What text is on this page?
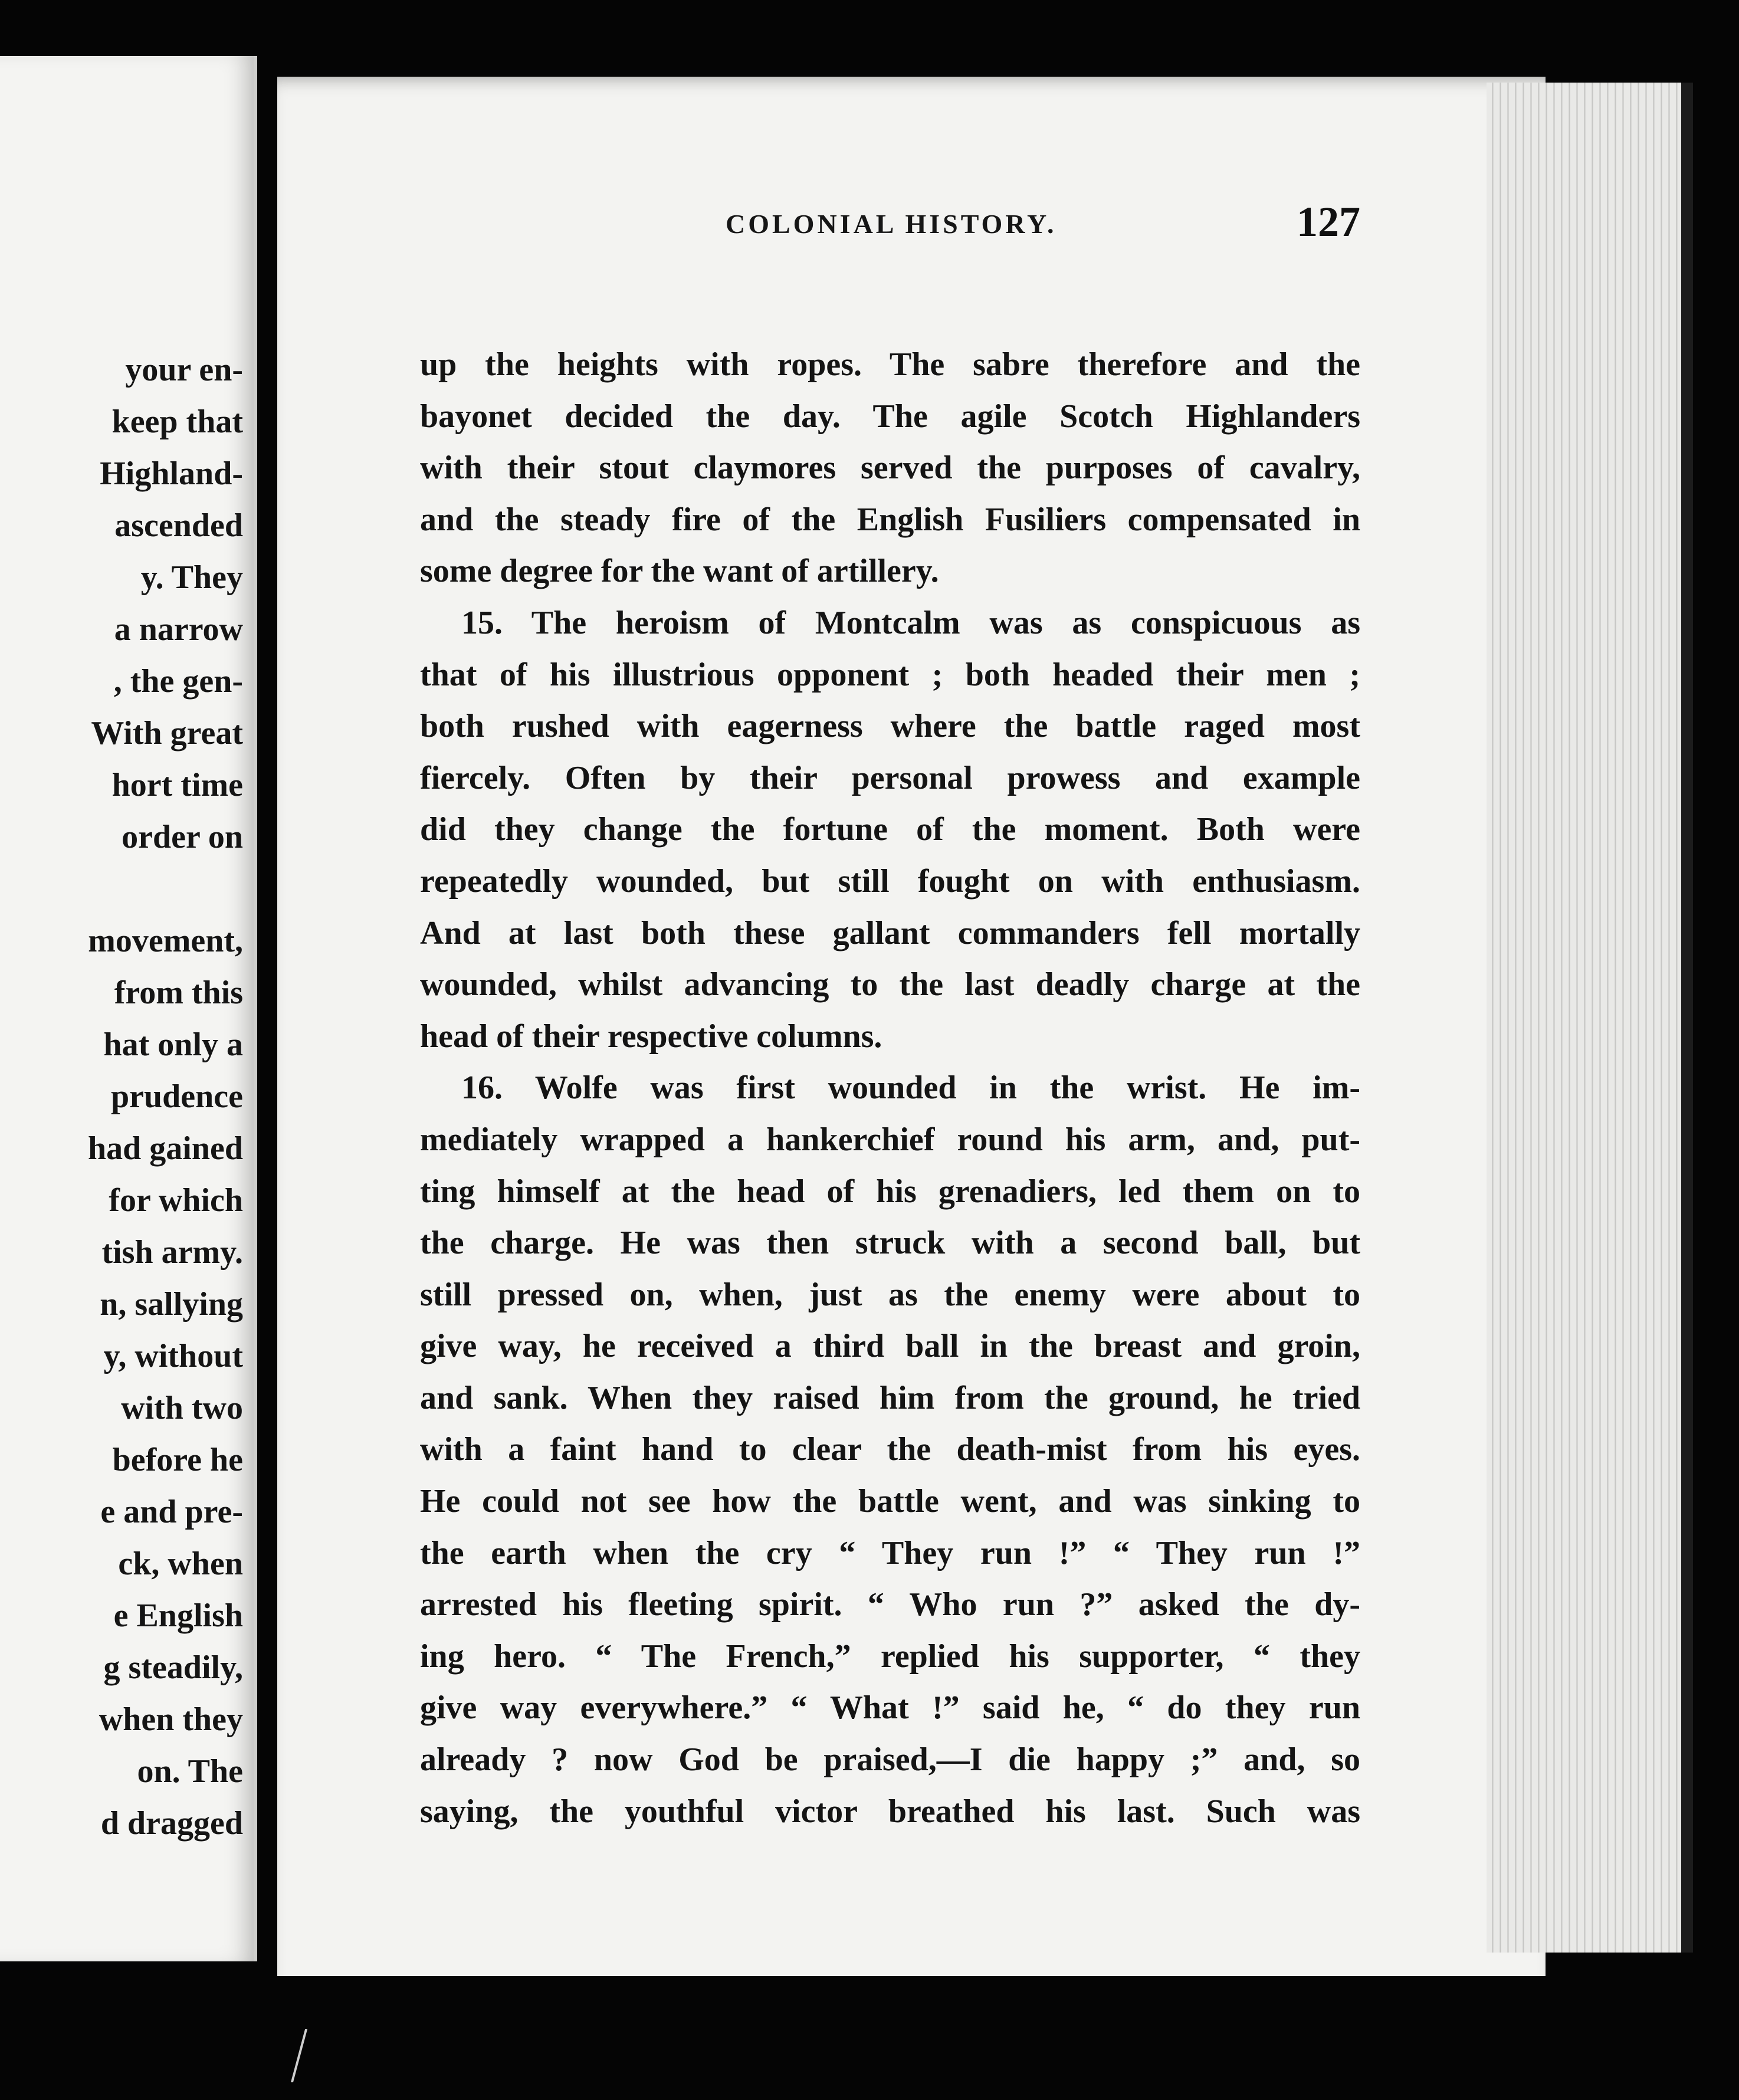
your en-
keep that
Highland-
ascended
y. They
a narrow
, the gen-
With great
hort time
order on
movement,
from this
hat only a
prudence
had gained
for which
tish army.
n, sallying
y, without
with two
before he
e and pre-
ck, when
e English
g steadily,
when they
on. The
d dragged
COLONIAL HISTORY.	127
up the heights with ropes. The sabre therefore and the
bayonet decided the day. The agile Scotch Highlanders
with their stout claymores served the purposes of cavalry,
and the steady fire of the English Fusiliers compensated in
some degree for the want of artillery.
15. The heroism of Montcalm was as conspicuous as
that of his illustrious opponent ; both headed their men ;
both rushed with eagerness where the battle raged most
fiercely. Often by their personal prowess and example
did they change the fortune of the moment. Both were
repeatedly wounded, but still fought on with enthusiasm.
And at last both these gallant commanders fell mortally
wounded, whilst advancing to the last deadly charge at the
head of their respective columns.
16. Wolfe was first wounded in the wrist. He im-
mediately wrapped a hankerchief round his arm, and, put-
ting himself at the head of his grenadiers, led them on to
the charge. He was then struck with a second ball, but
still pressed on, when, just as the enemy were about to
give way, he received a third ball in the breast and groin,
and sank. When they raised him from the ground, he tried
with a faint hand to clear the death-mist from his eyes.
He could not see how the battle went, and was sinking to
the earth when the cry “ They run !” “ They run !”
arrested his fleeting spirit. “ Who run ?” asked the dy-
ing hero. “ The French,” replied his supporter, “ they
give way everywhere.” “ What !” said he, “ do they run
already ? now God be praised,—I die happy ;” and, so
saying, the youthful victor breathed his last. Such was
